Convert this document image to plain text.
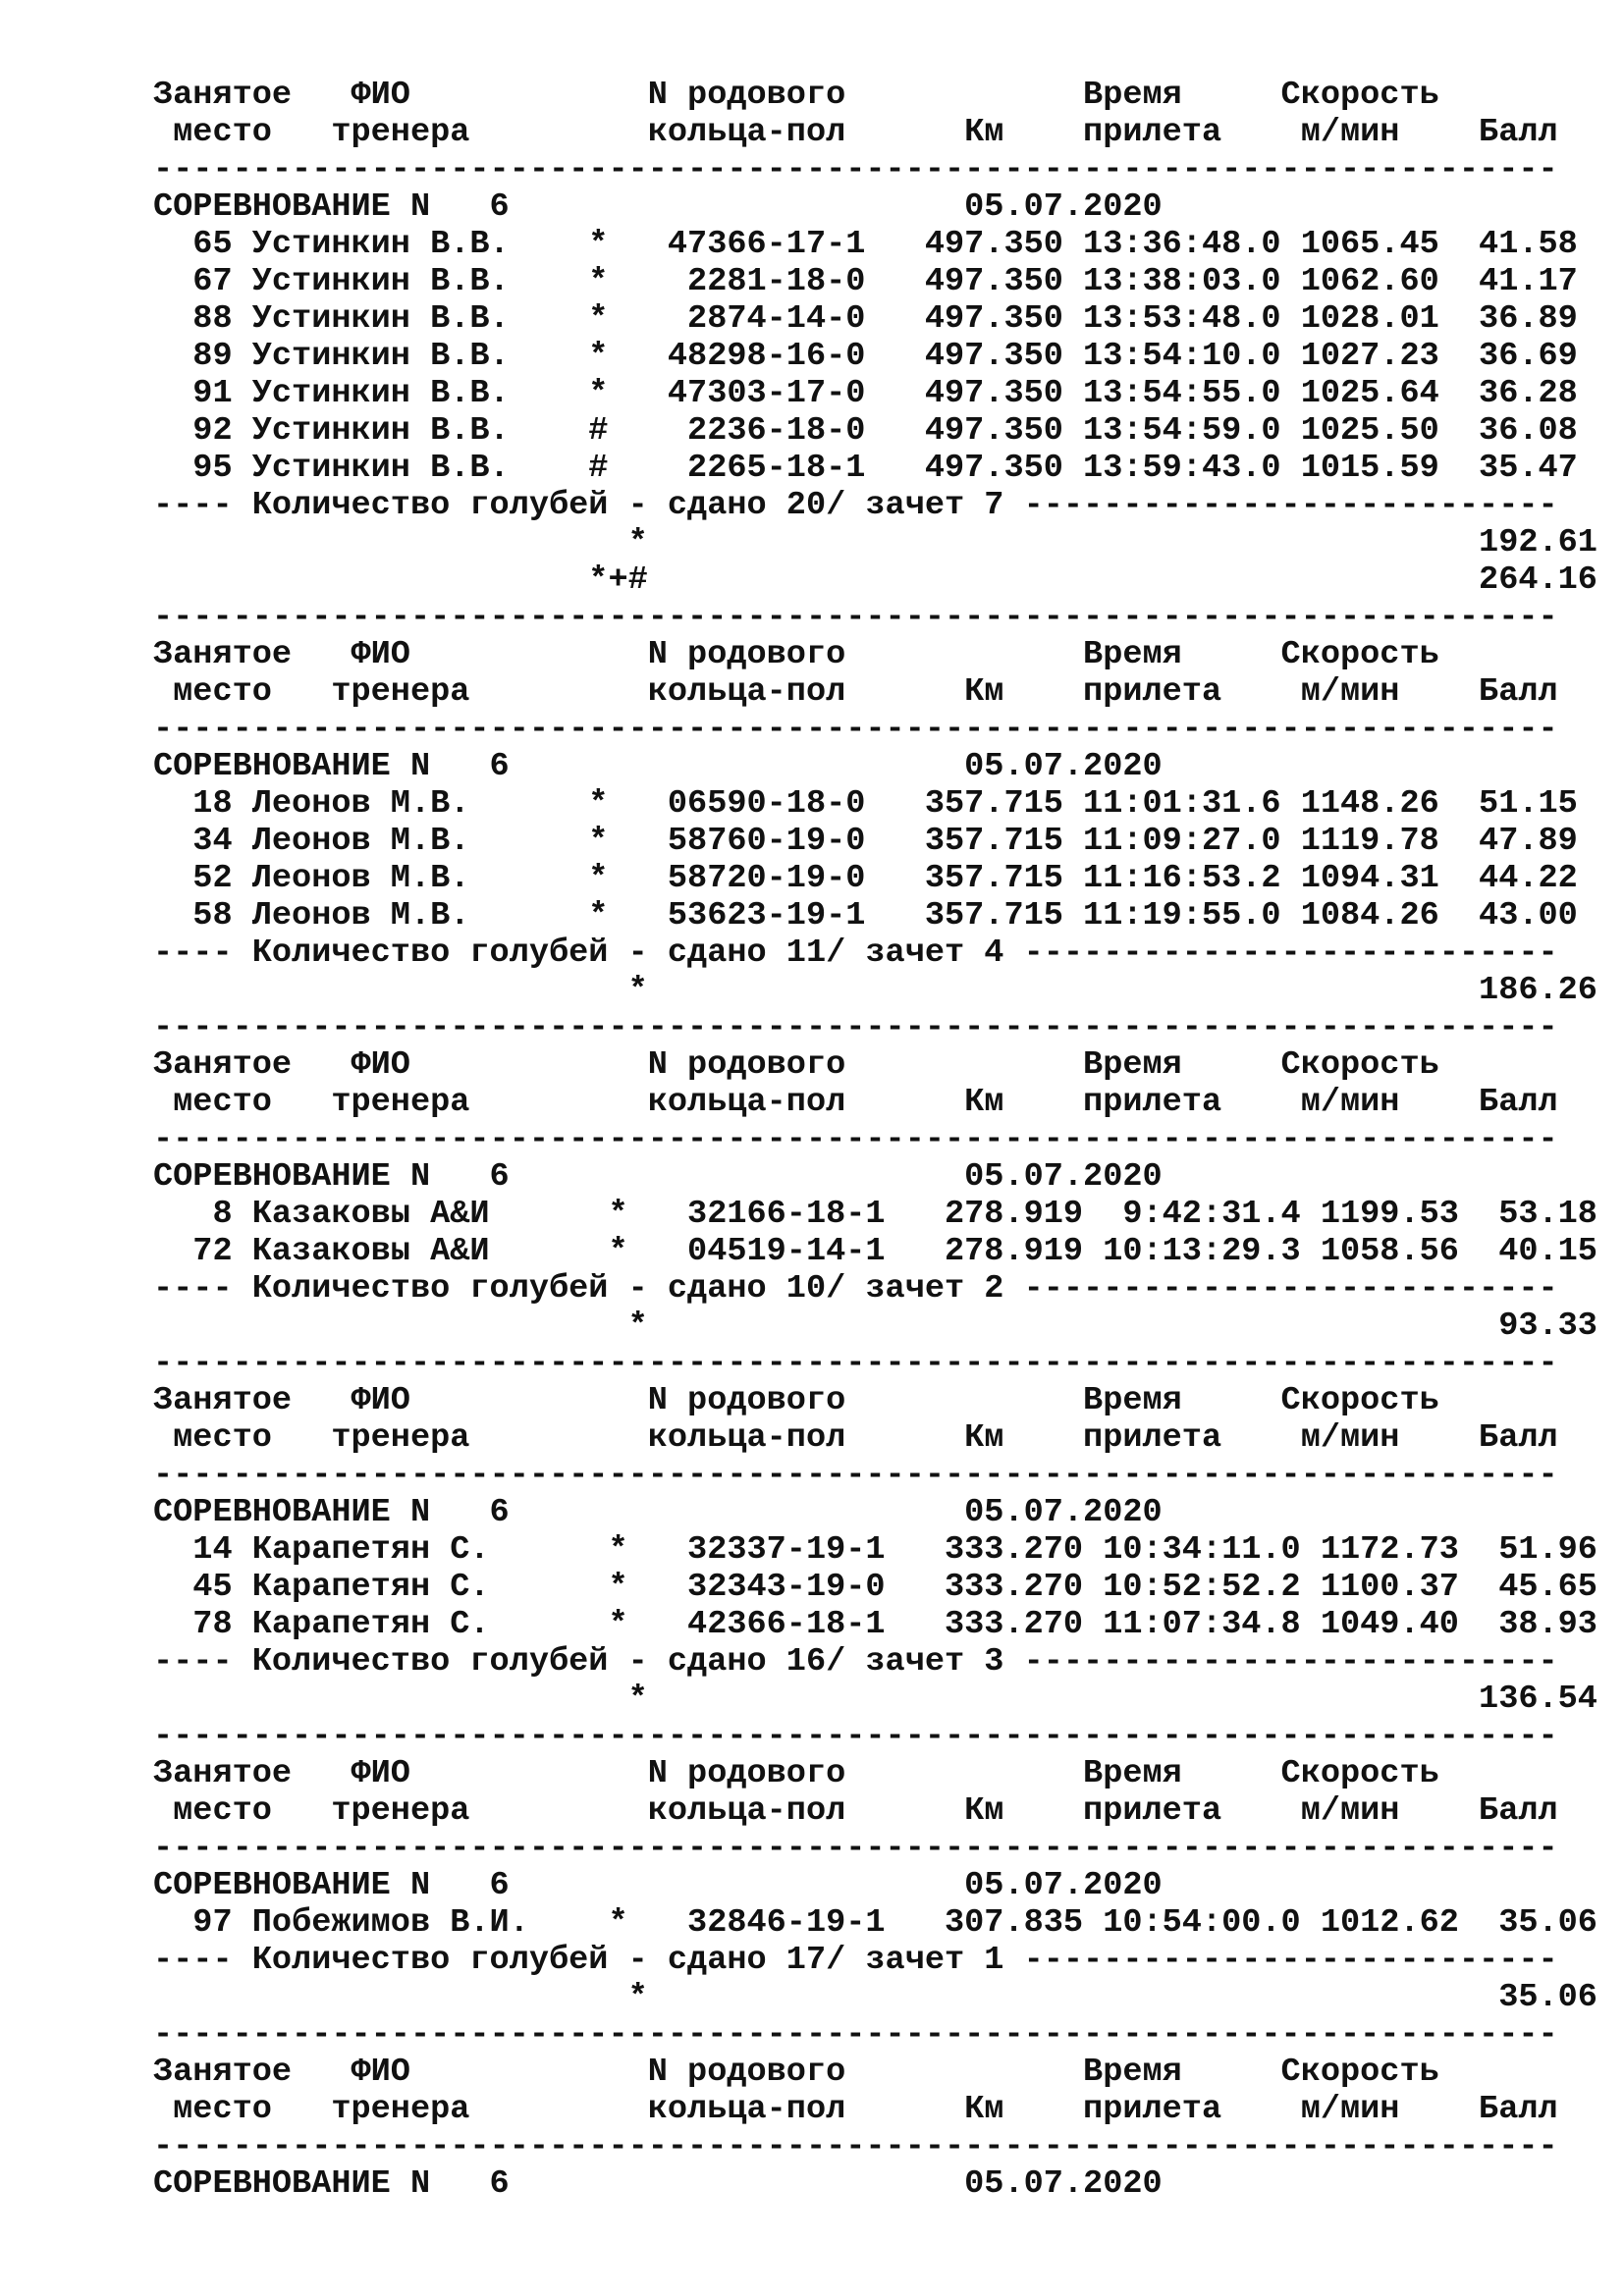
Занятое   ФИО            N родового            Время     Скорость
место   тренера         кольца-пол      Км    прилета    м/мин    Балл
-----------------------------------------------------------------------
СОРЕВНОВАНИЕ N   6                       05.07.2020
65 Устинкин В.В.    *   47366-17-1   497.350 13:36:48.0 1065.45  41.58
67 Устинкин В.В.    *    2281-18-0   497.350 13:38:03.0 1062.60  41.17
88 Устинкин В.В.    *    2874-14-0   497.350 13:53:48.0 1028.01  36.89
89 Устинкин В.В.    *   48298-16-0   497.350 13:54:10.0 1027.23  36.69
91 Устинкин В.В.    *   47303-17-0   497.350 13:54:55.0 1025.64  36.28
92 Устинкин В.В.    #    2236-18-0   497.350 13:54:59.0 1025.50  36.08
95 Устинкин В.В.    #    2265-18-1   497.350 13:59:43.0 1015.59  35.47
---- Количество голубей - сдано 20/ зачет 7 ---------------------------
*                                          192.61
*+#                                          264.16
-----------------------------------------------------------------------
Занятое   ФИО            N родового            Время     Скорость
место   тренера         кольца-пол      Км    прилета    м/мин    Балл
-----------------------------------------------------------------------
СОРЕВНОВАНИЕ N   6                       05.07.2020
18 Леонов М.В.      *   06590-18-0   357.715 11:01:31.6 1148.26  51.15
34 Леонов М.В.      *   58760-19-0   357.715 11:09:27.0 1119.78  47.89
52 Леонов М.В.      *   58720-19-0   357.715 11:16:53.2 1094.31  44.22
58 Леонов М.В.      *   53623-19-1   357.715 11:19:55.0 1084.26  43.00
---- Количество голубей - сдано 11/ зачет 4 ---------------------------
*                                          186.26
-----------------------------------------------------------------------
Занятое   ФИО            N родового            Время     Скорость
место   тренера         кольца-пол      Км    прилета    м/мин    Балл
-----------------------------------------------------------------------
СОРЕВНОВАНИЕ N   6                       05.07.2020
8 Казаковы А&И      *   32166-18-1   278.919  9:42:31.4 1199.53  53.18
72 Казаковы А&И      *   04519-14-1   278.919 10:13:29.3 1058.56  40.15
---- Количество голубей - сдано 10/ зачет 2 ---------------------------
*                                           93.33
-----------------------------------------------------------------------
Занятое   ФИО            N родового            Время     Скорость
место   тренера         кольца-пол      Км    прилета    м/мин    Балл
-----------------------------------------------------------------------
СОРЕВНОВАНИЕ N   6                       05.07.2020
14 Карапетян С.      *   32337-19-1   333.270 10:34:11.0 1172.73  51.96
45 Карапетян С.      *   32343-19-0   333.270 10:52:52.2 1100.37  45.65
78 Карапетян С.      *   42366-18-1   333.270 11:07:34.8 1049.40  38.93
---- Количество голубей - сдано 16/ зачет 3 ---------------------------
*                                          136.54
-----------------------------------------------------------------------
Занятое   ФИО            N родового            Время     Скорость
место   тренера         кольца-пол      Км    прилета    м/мин    Балл
-----------------------------------------------------------------------
СОРЕВНОВАНИЕ N   6                       05.07.2020
97 Побежимов В.И.    *   32846-19-1   307.835 10:54:00.0 1012.62  35.06
---- Количество голубей - сдано 17/ зачет 1 ---------------------------
*                                           35.06
-----------------------------------------------------------------------
Занятое   ФИО            N родового            Время     Скорость
место   тренера         кольца-пол      Км    прилета    м/мин    Балл
-----------------------------------------------------------------------
СОРЕВНОВАНИЕ N   6                       05.07.2020
